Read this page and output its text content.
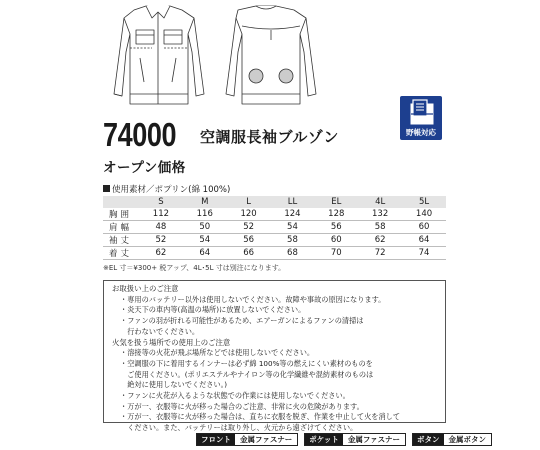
野帳対応
74000 空調服長袖ブルゾン
オープン価格
使用素材／ポプリン(綿 100%)
	S	M	L	LL	EL	4L	5L
胸囲	112	116	120	124	128	132	140
肩幅	48	50	52	54	56	58	60
袖丈	52	54	56	58	60	62	64
着丈	62	64	66	68	70	72	74
※EL 寸＝¥300+ 税アップ、4L･5L 寸は別注になります。
お取扱い上のご注意
・専用のバッテリー以外は使用しないでください。故障や事故の原因になります。
・炎天下の車内等(高温の場所)に放置しないでください。
・ファンの羽が折れる可能性があるため、エアーガンによるファンの清掃は
　行わないでください。
火気を扱う場所での使用上のご注意
・溶接等の火花が飛ぶ場所などでは使用しないでください。
・空調服の下に着用するインナーは必ず綿 100%等の燃えにくい素材のものを
　ご使用ください。(ポリエステルやナイロン等の化学繊維や混紡素材のものは
　絶対に使用しないでください。)
・ファンに火花が入るような状態での作業には使用しないでください。
・万が一、衣服等に火が移った場合のご注意、非常に火の危険があります。
・万が一、衣服等に火が移った場合は、直ちに衣服を脱ぎ、作業を中止して火を消して
　ください。また、バッテリーは取り外し、火元から遠ざけてください。
フロント	金属ファスナー	ポケット	金属ファスナー	ボタン	金属ボタン
